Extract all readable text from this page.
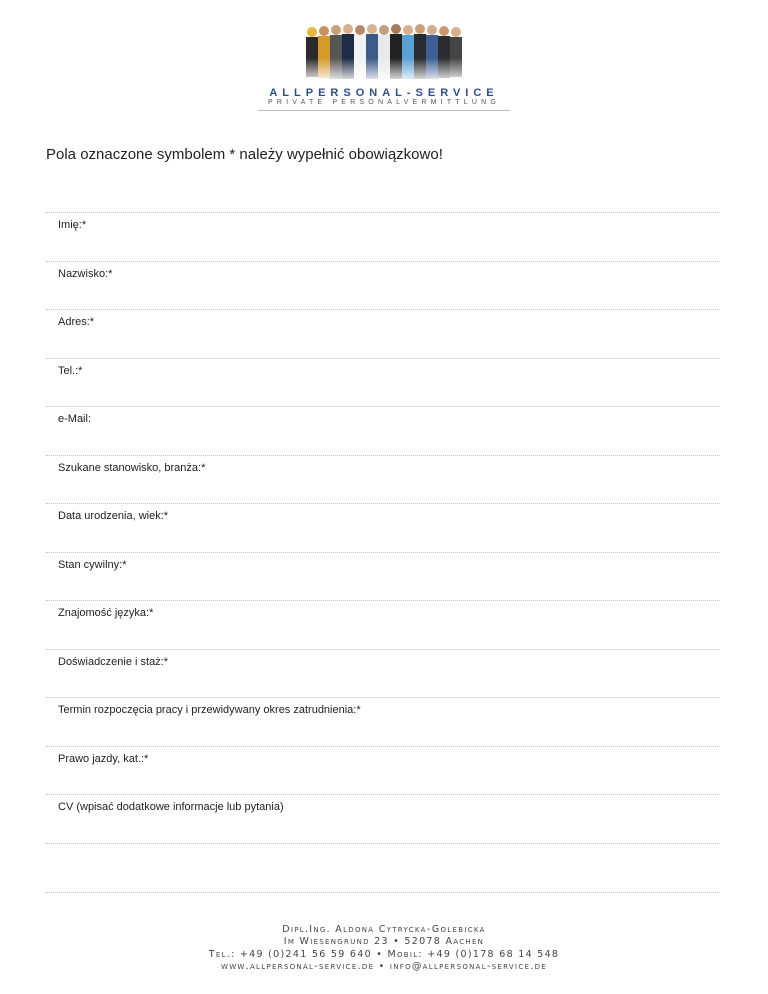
ALLPERSONAL-SERVICE
PRIVATE PERSONALVERMITTLUNG
Pola oznaczone symbolem * należy wypełnić obowiązkowo!
Imię:*
Nazwisko:*
Adres:*
Tel.:*
e-Mail:
Szukane stanowisko, branża:*
Data urodzenia, wiek:*
Stan cywilny:*
Znajomość języka:*
Doświadczenie i staż:*
Termin rozpoczęcia pracy i przewidywany okres zatrudnienia:*
Prawo jazdy, kat.:*
CV (wpisać dodatkowe informacje lub pytania)
Dipl.Ing. Aldona Cytrycka-Golebicka
Im Wiesengrund 23 • 52078 Aachen
Tel.: +49 (0)241 56 59 640 • Mobil: +49 (0)178 68 14 548
www.allpersonal-service.de • info@allpersonal-service.de
